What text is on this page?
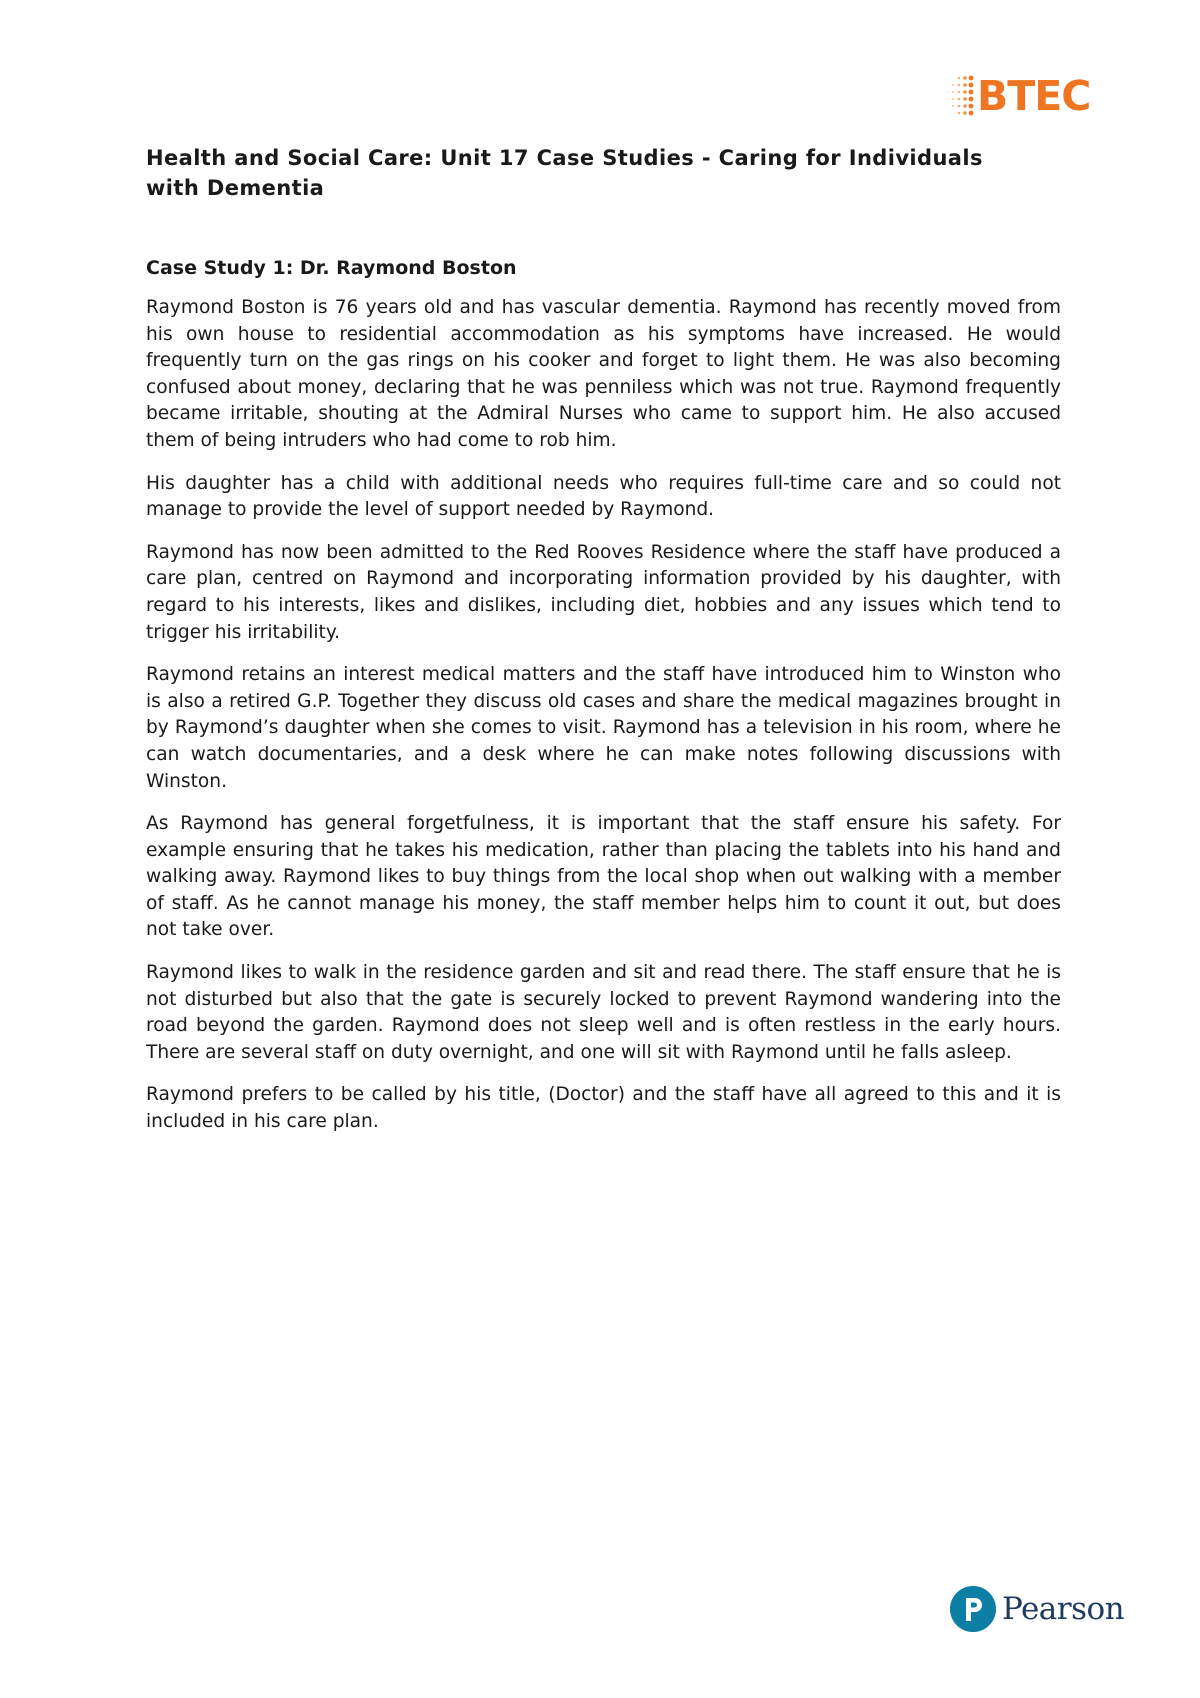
BTEC
Health and Social Care: Unit 17 Case Studies - Caring for Individuals with Dementia
Case Study 1: Dr. Raymond Boston

Raymond Boston is 76 years old and has vascular dementia. Raymond has recently moved from his own house to residential accommodation as his symptoms have increased. He would frequently turn on the gas rings on his cooker and forget to light them. He was also becoming confused about money, declaring that he was penniless which was not true. Raymond frequently became irritable, shouting at the Admiral Nurses who came to support him. He also accused them of being intruders who had come to rob him.

His daughter has a child with additional needs who requires full-time care and so could not manage to provide the level of support needed by Raymond.

Raymond has now been admitted to the Red Rooves Residence where the staff have produced a care plan, centred on Raymond and incorporating information provided by his daughter, with regard to his interests, likes and dislikes, including diet, hobbies and any issues which tend to trigger his irritability.

Raymond retains an interest medical matters and the staff have introduced him to Winston who is also a retired G.P. Together they discuss old cases and share the medical magazines brought in by Raymond’s daughter when she comes to visit. Raymond has a television in his room, where he can watch documentaries, and a desk where he can make notes following discussions with Winston.

As Raymond has general forgetfulness, it is important that the staff ensure his safety. For example ensuring that he takes his medication, rather than placing the tablets into his hand and walking away. Raymond likes to buy things from the local shop when out walking with a member of staff. As he cannot manage his money, the staff member helps him to count it out, but does not take over.

Raymond likes to walk in the residence garden and sit and read there. The staff ensure that he is not disturbed but also that the gate is securely locked to prevent Raymond wandering into the road beyond the garden. Raymond does not sleep well and is often restless in the early hours. There are several staff on duty overnight, and one will sit with Raymond until he falls asleep.

Raymond prefers to be called by his title, (Doctor) and the staff have all agreed to this and it is included in his care plan.

Pearson
